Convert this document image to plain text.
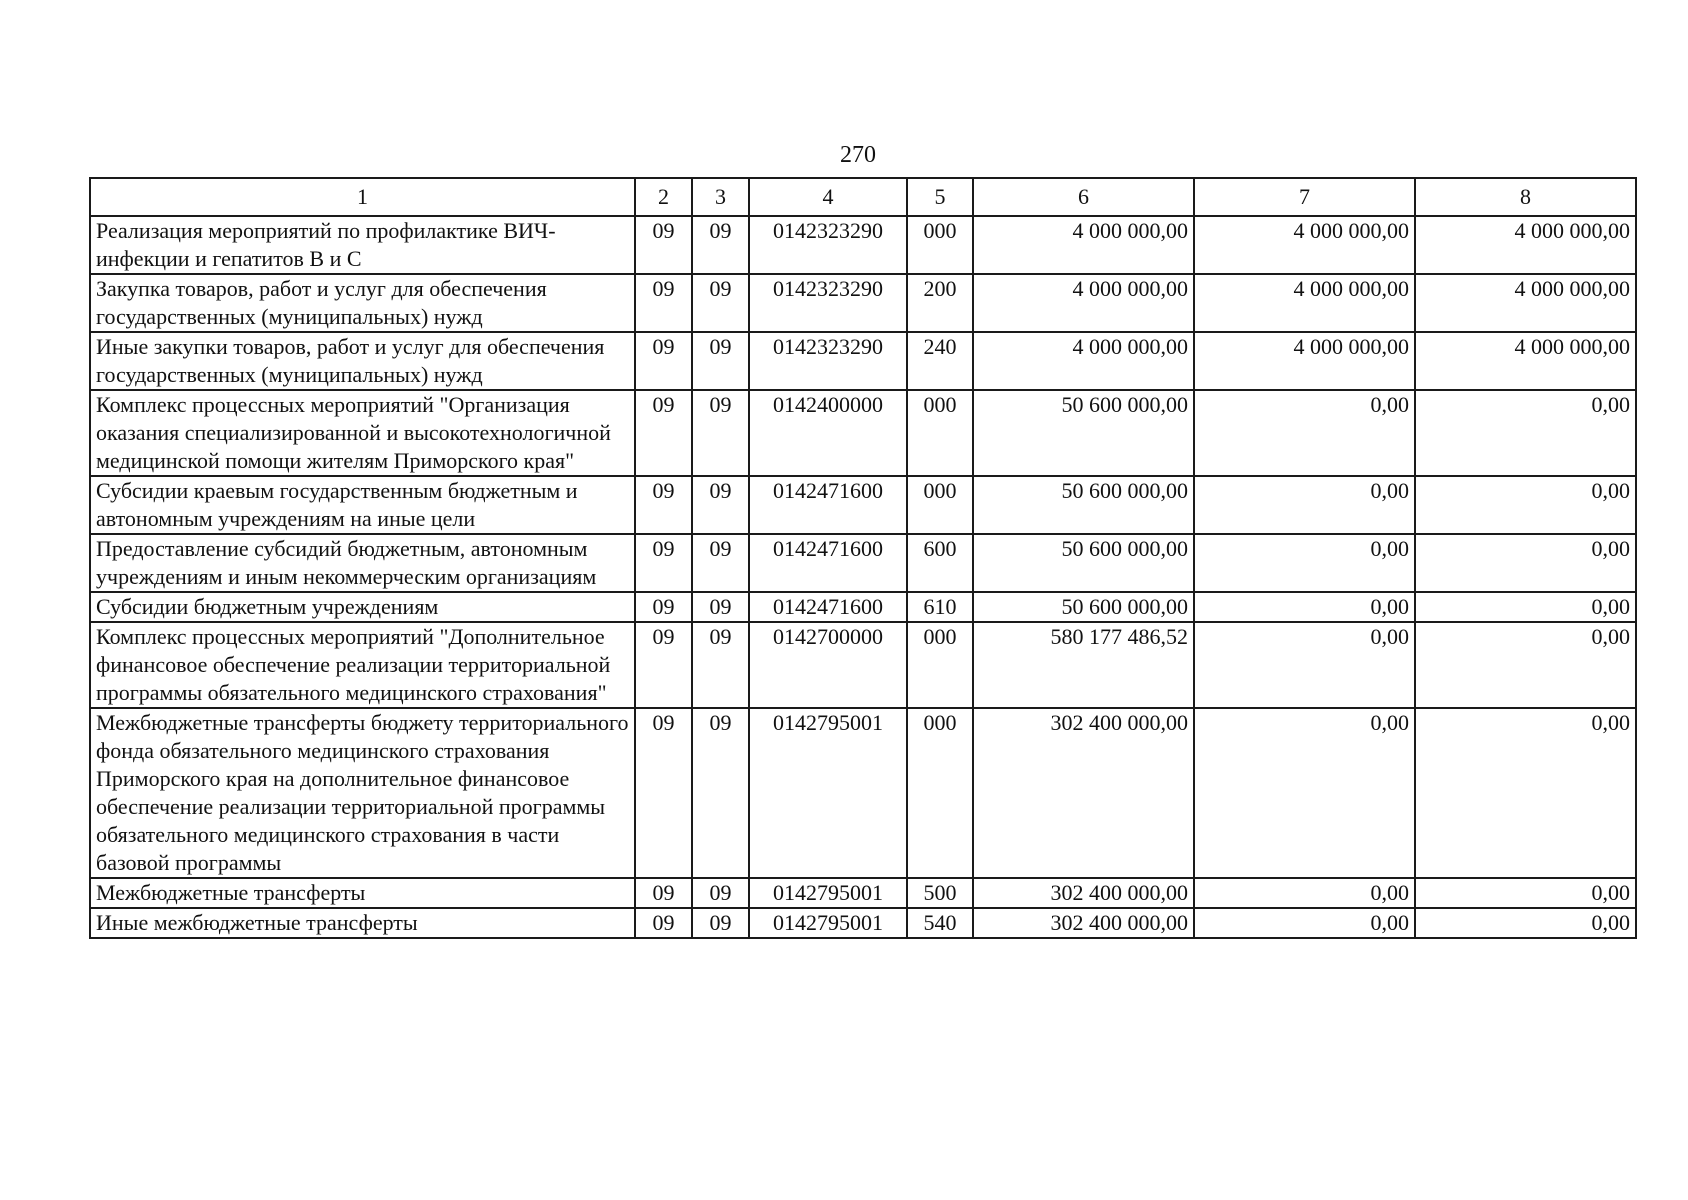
270
1	2	3	4	5	6	7	8
Реализация мероприятий по профилактике ВИЧ-инфекции и гепатитов В и С	09	09	0142323290	000	4 000 000,00	4 000 000,00	4 000 000,00
Закупка товаров, работ и услуг для обеспечения государственных (муниципальных) нужд	09	09	0142323290	200	4 000 000,00	4 000 000,00	4 000 000,00
Иные закупки товаров, работ и услуг для обеспечения государственных (муниципальных) нужд	09	09	0142323290	240	4 000 000,00	4 000 000,00	4 000 000,00
Комплекс процессных мероприятий "Организация оказания специализированной и высокотехнологичной медицинской помощи жителям Приморского края"	09	09	0142400000	000	50 600 000,00	0,00	0,00
Субсидии краевым государственным бюджетным и автономным учреждениям на иные цели	09	09	0142471600	000	50 600 000,00	0,00	0,00
Предоставление субсидий бюджетным, автономным учреждениям и иным некоммерческим организациям	09	09	0142471600	600	50 600 000,00	0,00	0,00
Субсидии бюджетным учреждениям	09	09	0142471600	610	50 600 000,00	0,00	0,00
Комплекс процессных мероприятий "Дополнительное финансовое обеспечение реализации территориальной программы обязательного медицинского страхования"	09	09	0142700000	000	580 177 486,52	0,00	0,00
Межбюджетные трансферты бюджету территориального фонда обязательного медицинского страхования Приморского края на дополнительное финансовое обеспечение реализации территориальной программы обязательного медицинского страхования в части базовой программы	09	09	0142795001	000	302 400 000,00	0,00	0,00
Межбюджетные трансферты	09	09	0142795001	500	302 400 000,00	0,00	0,00
Иные межбюджетные трансферты	09	09	0142795001	540	302 400 000,00	0,00	0,00
